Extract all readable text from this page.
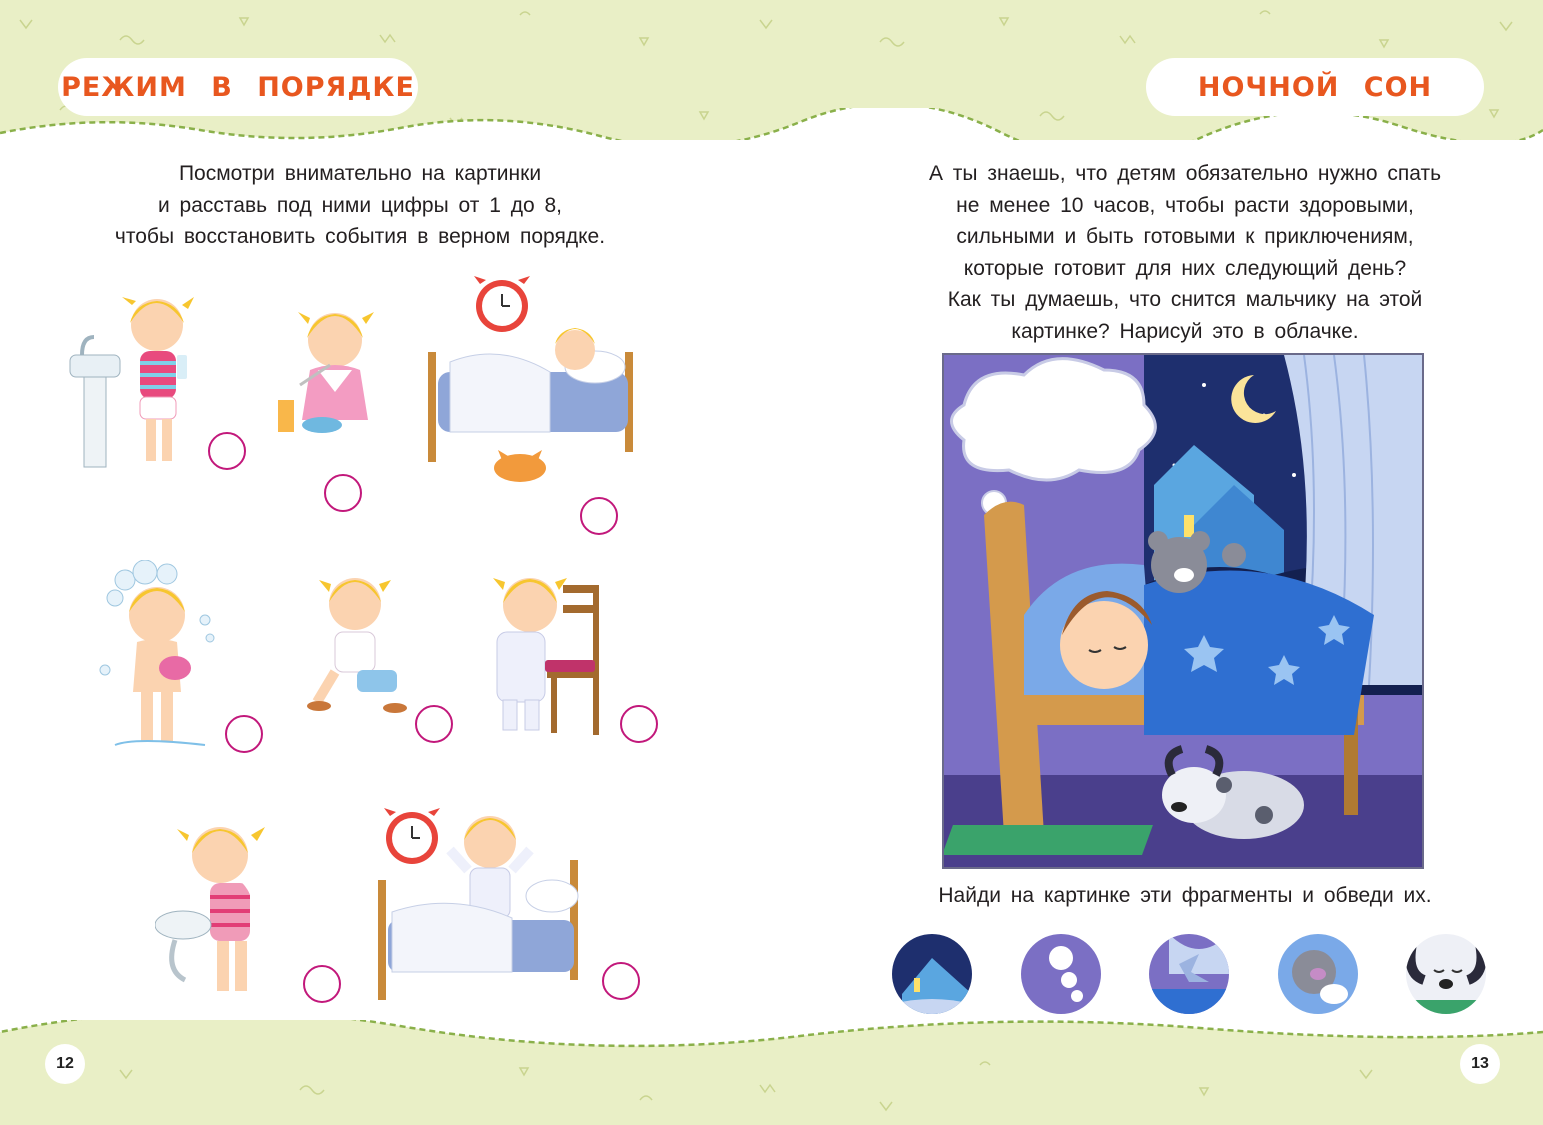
РЕЖИМ В ПОРЯДКЕ	НОЧНОЙ СОН
Посмотри внимательно на картинки
и расставь под ними цифры от 1 до 8,
чтобы восстановить события в верном порядке.
А ты знаешь, что детям обязательно нужно спать
не менее 10 часов, чтобы расти здоровыми,
сильными и быть готовыми к приключениям,
которые готовит для них следующий день?
Как ты думаешь, что снится мальчику на этой
картинке? Нарисуй это в облачке.
Найди на картинке эти фрагменты и обведи их.
12	13
